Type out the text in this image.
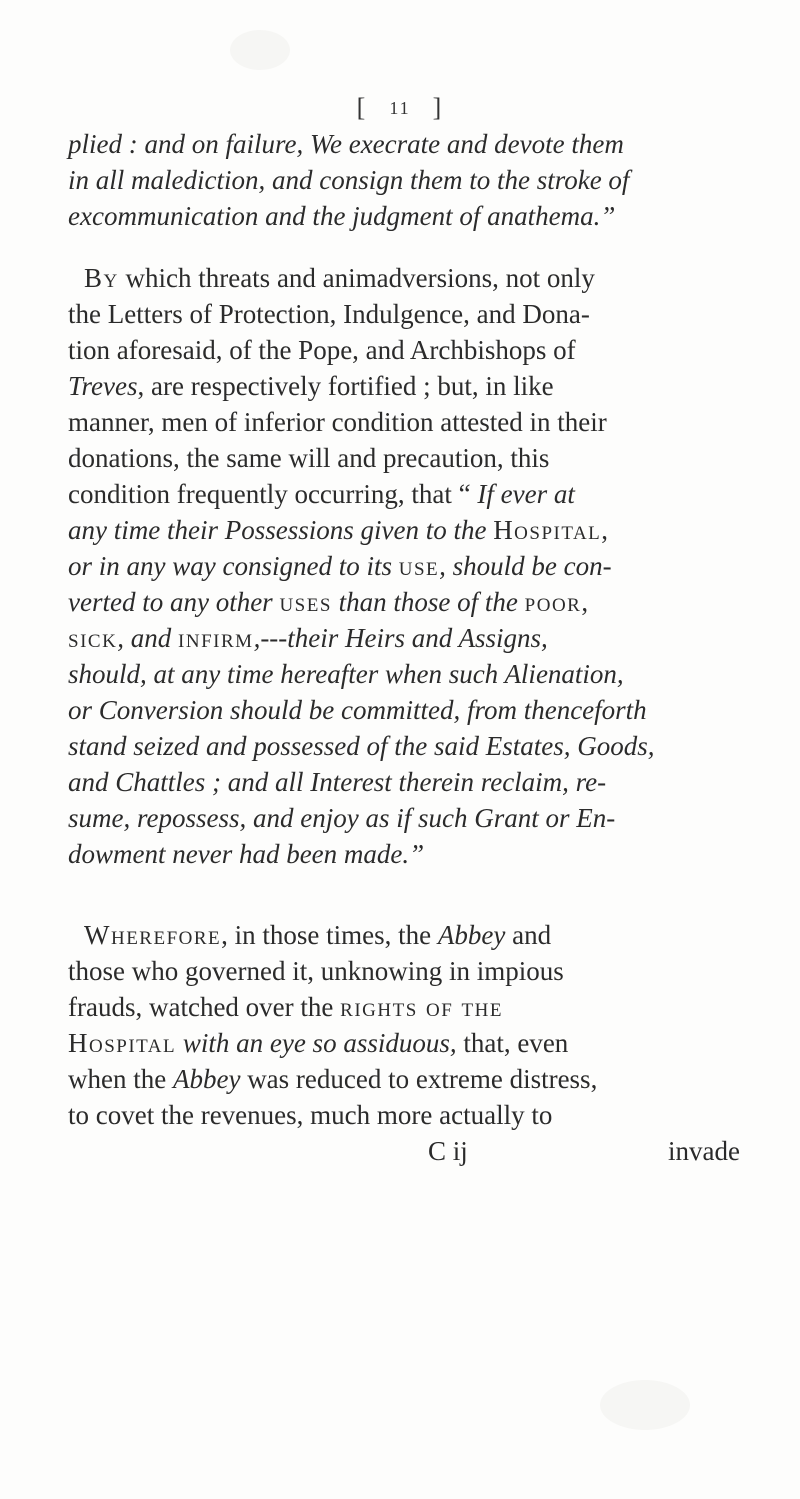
[ 11 ]
plied : and on failure, We execrate and devote them
in all malediction, and consign them to the stroke of
excommunication and the judgment of anathema.”
By which threats and animadversions, not only
the Letters of Protection, Indulgence, and Dona-
tion aforesaid, of the Pope, and Archbishops of
Treves, are respectively fortified ; but, in like
manner, men of inferior condition attested in their
donations, the same will and precaution, this
condition frequently occurring, that “ If ever at
any time their Possessions given to the Hospital,
or in any way consigned to its use, should be con-
verted to any other uses than those of the poor,
sick, and infirm,---their Heirs and Assigns,
should, at any time hereafter when such Alienation,
or Conversion should be committed, from thenceforth
stand seized and possessed of the said Estates, Goods,
and Chattles ; and all Interest therein reclaim, re-
sume, repossess, and enjoy as if such Grant or En-
dowment never had been made.”
Wherefore, in those times, the Abbey and
those who governed it, unknowing in impious
frauds, watched over the rights of the
Hospital with an eye so assiduous, that, even
when the Abbey was reduced to extreme distress,
to covet the revenues, much more actually to
C ij	invade
